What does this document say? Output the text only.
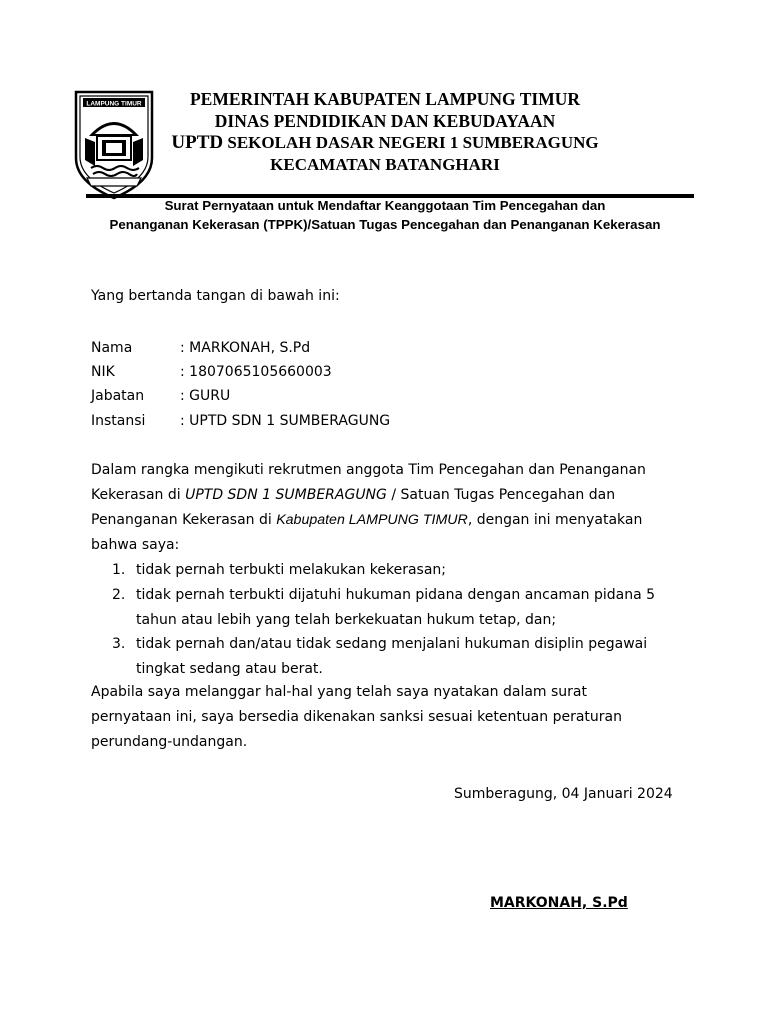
LAMPUNG TIMUR	PEMERINTAH KABUPATEN LAMPUNG TIMUR
DINAS PENDIDIKAN DAN KEBUDAYAAN
UPTD SEKOLAH DASAR NEGERI 1 SUMBERAGUNG
KECAMATAN BATANGHARI
Surat Pernyataan untuk Mendaftar Keanggotaan Tim Pencegahan dan
Penanganan Kekerasan (TPPK)/Satuan Tugas Pencegahan dan Penanganan Kekerasan
Yang bertanda tangan di bawah ini:
Nama	: MARKONAH, S.Pd
NIK	: 1807065105660003
Jabatan	: GURU
Instansi : UPTD SDN 1 SUMBERAGUNG
Dalam rangka mengikuti rekrutmen anggota Tim Pencegahan dan Penanganan
Kekerasan di UPTD SDN 1 SUMBERAGUNG / Satuan Tugas Pencegahan dan
Penanganan Kekerasan di Kabupaten LAMPUNG TIMUR, dengan ini menyatakan
bahwa saya:
1. tidak pernah terbukti melakukan kekerasan;
2. tidak pernah terbukti dijatuhi hukuman pidana dengan ancaman pidana 5
tahun atau lebih yang telah berkekuatan hukum tetap, dan;
3. tidak pernah dan/atau tidak sedang menjalani hukuman disiplin pegawai
tingkat sedang atau berat.
Apabila saya melanggar hal-hal yang telah saya nyatakan dalam surat
pernyataan ini, saya bersedia dikenakan sanksi sesuai ketentuan peraturan
perundang-undangan.
Sumberagung, 04 Januari 2024
MARKONAH, S.Pd
